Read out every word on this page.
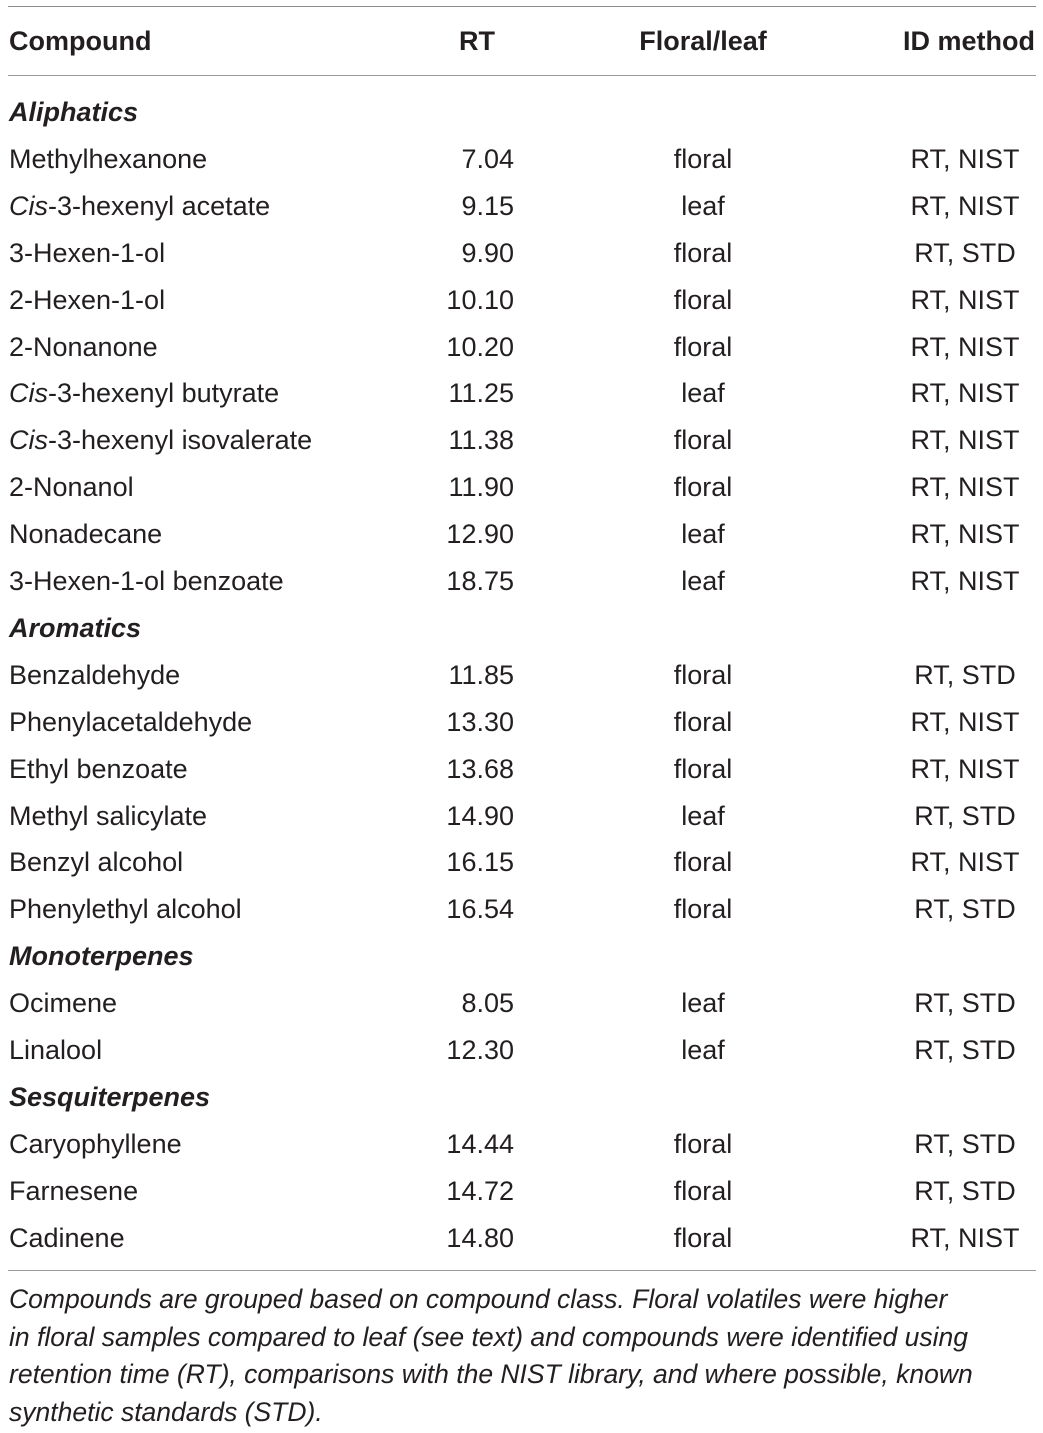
Compound	RT	Floral/leaf	ID method
Aliphatics
Methylhexanone	7.04	floral	RT, NIST
Cis-3-hexenyl acetate	9.15	leaf	RT, NIST
3-Hexen-1-ol	9.90	floral	RT, STD
2-Hexen-1-ol	10.10	floral	RT, NIST
2-Nonanone	10.20	floral	RT, NIST
Cis-3-hexenyl butyrate	11.25	leaf	RT, NIST
Cis-3-hexenyl isovalerate	11.38	floral	RT, NIST
2-Nonanol	11.90	floral	RT, NIST
Nonadecane	12.90	leaf	RT, NIST
3-Hexen-1-ol benzoate	18.75	leaf	RT, NIST
Aromatics
Benzaldehyde	11.85	floral	RT, STD
Phenylacetaldehyde	13.30	floral	RT, NIST
Ethyl benzoate	13.68	floral	RT, NIST
Methyl salicylate	14.90	leaf	RT, STD
Benzyl alcohol	16.15	floral	RT, NIST
Phenylethyl alcohol	16.54	floral	RT, STD
Monoterpenes
Ocimene	8.05	leaf	RT, STD
Linalool	12.30	leaf	RT, STD
Sesquiterpenes
Caryophyllene	14.44	floral	RT, STD
Farnesene	14.72	floral	RT, STD
Cadinene	14.80	floral	RT, NIST
Compounds are grouped based on compound class. Floral volatiles were higher
in floral samples compared to leaf (see text) and compounds were identified using
retention time (RT), comparisons with the NIST library, and where possible, known
synthetic standards (STD).
